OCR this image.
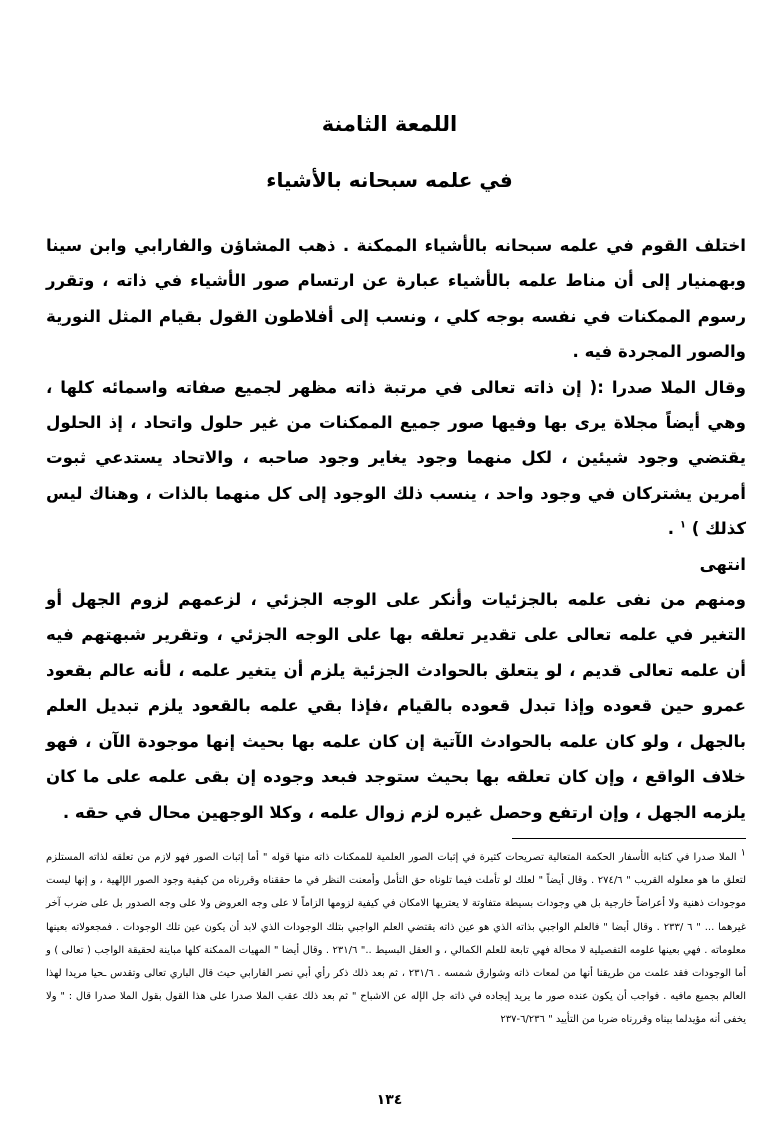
اللمعة الثامنة
في علمه سبحانه بالأشياء

اختلف القوم في علمه سبحانه بالأشياء الممكنة . ذهب المشاؤن والفارابي وابن سينا وبهمنيار إلى أن مناط علمه بالأشياء عبارة عن ارتسام صور الأشياء في ذاته ، وتقرر رسوم الممكنات في نفسه بوجه كلي ، ونسب إلى أفلاطون القول بقيام المثل النورية والصور المجردة فيه .

وقال الملا صدرا :( إن ذاته تعالى في مرتبة ذاته مظهر لجميع صفاته واسمائه كلها ، وهي أيضاً مجلاة يرى بها وفيها صور جميع الممكنات من غير حلول واتحاد ، إذ الحلول يقتضي وجود شيئين ، لكل منهما وجود يغاير وجود صاحبه ، والاتحاد يستدعي ثبوت أمرين يشتركان في وجود واحد ، ينسب ذلك الوجود إلى كل منهما بالذات ، وهناك ليس كذلك ) $^١$ .

انتهى

ومنهم من نفى علمه بالجزئيات وأنكر على الوجه الجزئي ، لزعمهم لزوم الجهل أو التغير في علمه تعالى على تقدير تعلقه بها على الوجه الجزئي ، وتقرير شبهتهم فيه أن علمه تعالى قديم ، لو يتعلق بالحوادث الجزئية يلزم أن يتغير علمه ، لأنه عالم بقعود عمرو حين قعوده وإذا تبدل قعوده بالقيام ،فإذا بقي علمه بالقعود يلزم تبديل العلم بالجهل ، ولو كان علمه بالحوادث الآتية إن كان علمه بها بحيث إنها موجودة الآن ، فهو خلاف الواقع ، وإن كان تعلقه بها بحيث ستوجد فبعد وجوده إن بقى علمه على ما كان يلزمه الجهل ، وإن ارتفع وحصل غيره لزم زوال علمه ، وكلا الوجهين محال في حقه .

$^١$ الملا صدرا في كتابه الأسفار الحكمة المتعالية تصريحات كثيرة في إثبات الصور العلمية للممكنات ذاته منها قوله " أما إثبات الصور فهو لازم من تعلقه لذاته المستلزم لتعلق ما هو معلوله القريب " ٢٧٤/٦ . وقال أيضاً " لعلك لو تأملت فيما تلوناه حق التأمل وأمعنت النظر في ما حققناه وقررناه من كيفية وجود الصور الإلهية ، و إنها ليست موجودات ذهنية ولا أعراضاً خارجية بل هي وجودات بسيطة متفاوتة لا يعتريها الامكان في كيفية لزومها الزاماً لا على وجه العروض ولا على وجه الصدور بل على ضرب آخر غيرهما ... " ٦ /٢٣٣ . وقال أيضا " فالعلم الواجبي بذاته الذي هو عين ذاته يقتضي العلم الواجبي بتلك الوجودات الذي لابد أن يكون عين تلك الوجودات . فمجعولاته بعينها معلوماته . فهي بعينها علومه التفصيلية لا محالة فهي تابعة للعلم الكمالي ، و العقل البسيط .." ٢٣١/٦ . وقال أيضا " المهيات الممكنة كلها مباينة لحقيقة الواجب ( تعالى ) و أما الوجودات فقد علمت من طريقنا أنها من لمعات ذاته وشوارق شمسه . ٢٣١/٦ ، ثم بعد ذلك ذكر رأي أبي نصر الفارابي حيث قال الباري تعالى وتقدس ـحيا مريدا لهذا العالم بجميع مافيه . فواجب أن يكون عنده صور ما يريد إيجاده في ذاته جل الإله عن الاشباح " ثم بعد ذلك عقب الملا صدرا على هذا القول بقول الملا صدرا قال : " ولا يخفى أنه مؤيدلما بيناه وقررناه ضربا من التأييد " ٦/٢٣٦-٢٣٧
١٣٤
